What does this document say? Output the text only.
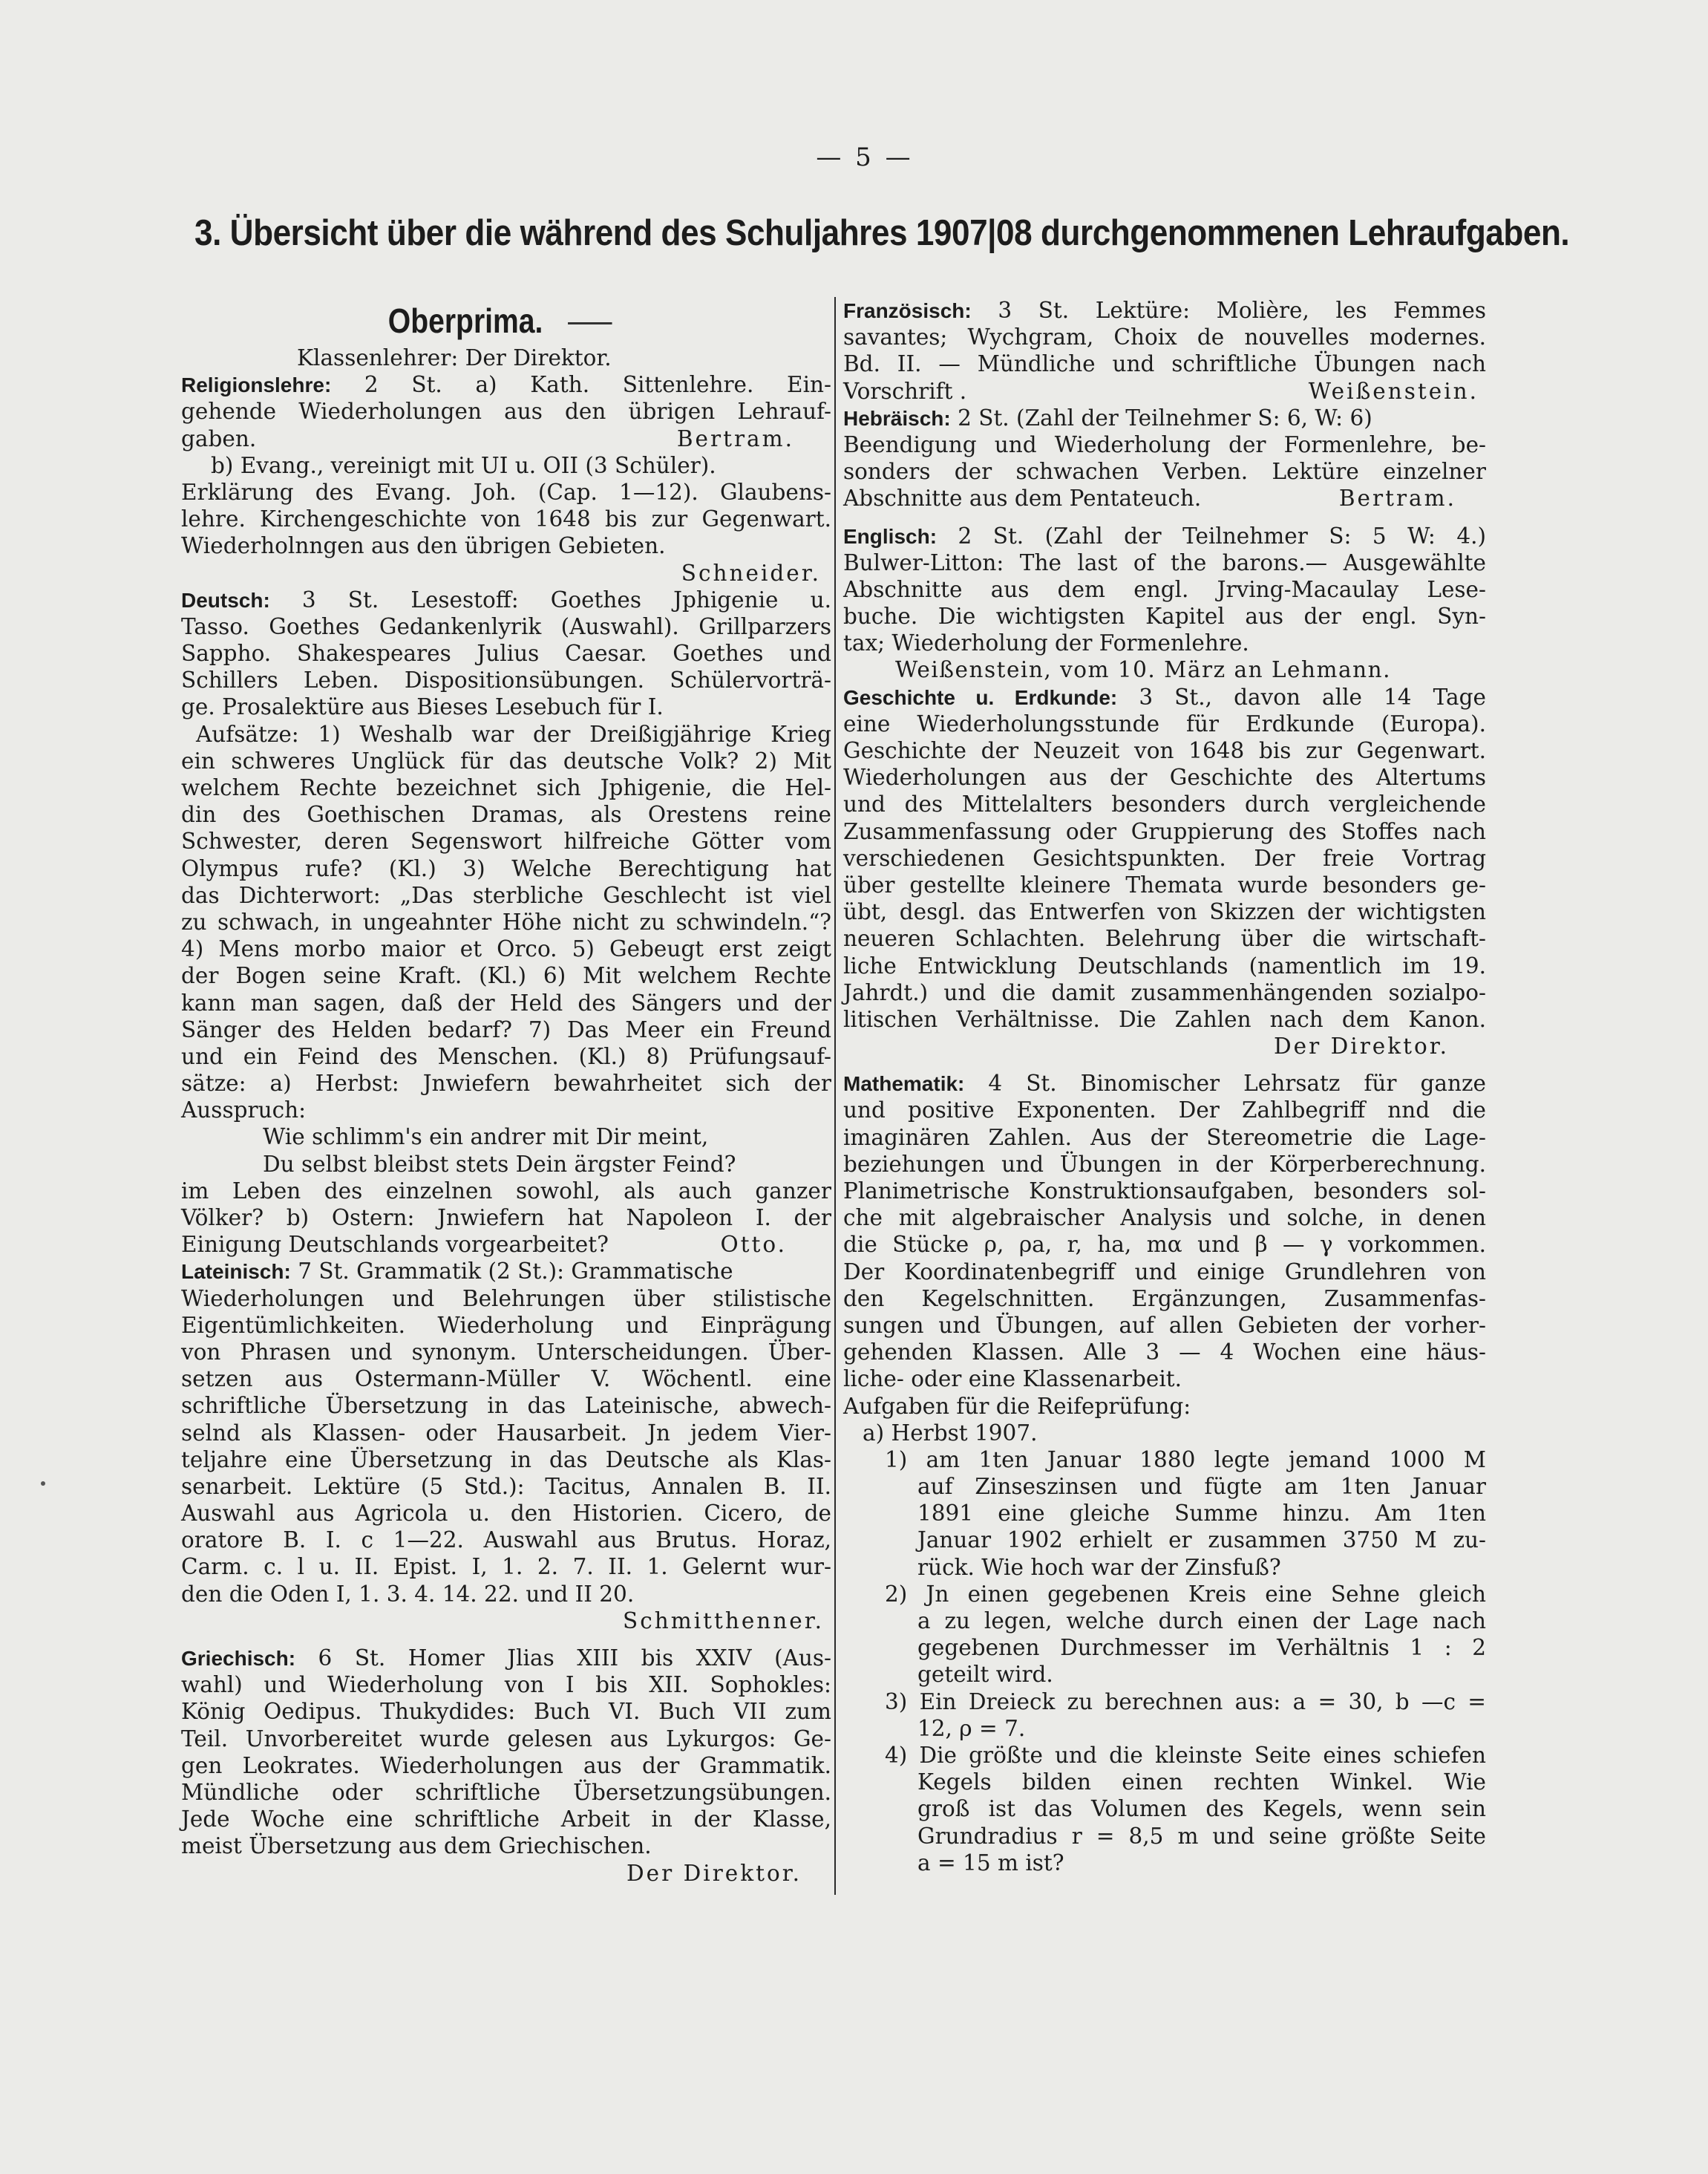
— 5 —
3. Übersicht über die während des Schuljahres 1907|08 durchgenommenen Lehraufgaben.
Oberprima.
Klassenlehrer: Der Direktor.
Religionslehre: 2 St. a) Kath. Sittenlehre. Ein-
gehende Wiederholungen aus den übrigen Lehrauf-
gaben.	Bertram.
b) Evang., vereinigt mit UI u. OII (3 Schüler).
Erklärung des Evang. Joh. (Cap. 1—12). Glaubens-
lehre. Kirchengeschichte von 1648 bis zur Gegenwart.
Wiederholnngen aus den übrigen Gebieten.
Schneider.
Deutsch: 3 St. Lesestoff: Goethes Jphigenie u.
Tasso. Goethes Gedankenlyrik (Auswahl). Grillparzers
Sappho. Shakespeares Julius Caesar. Goethes und
Schillers Leben. Dispositionsübungen. Schülervorträ-
ge. Prosalektüre aus Bieses Lesebuch für I.
Aufsätze: 1) Weshalb war der Dreißigjährige Krieg
ein schweres Unglück für das deutsche Volk? 2) Mit
welchem Rechte bezeichnet sich Jphigenie, die Hel-
din des Goethischen Dramas, als Orestens reine
Schwester, deren Segenswort hilfreiche Götter vom
Olympus rufe? (Kl.) 3) Welche Berechtigung hat
das Dichterwort: „Das sterbliche Geschlecht ist viel
zu schwach, in ungeahnter Höhe nicht zu schwindeln.“?
4) Mens morbo maior et Orco. 5) Gebeugt erst zeigt
der Bogen seine Kraft. (Kl.) 6) Mit welchem Rechte
kann man sagen, daß der Held des Sängers und der
Sänger des Helden bedarf? 7) Das Meer ein Freund
und ein Feind des Menschen. (Kl.) 8) Prüfungsauf-
sätze: a) Herbst: Jnwiefern bewahrheitet sich der
Ausspruch:
Wie schlimm's ein andrer mit Dir meint,
Du selbst bleibst stets Dein ärgster Feind?
im Leben des einzelnen sowohl, als auch ganzer
Völker? b) Ostern: Jnwiefern hat Napoleon I. der
Einigung Deutschlands vorgearbeitet?	Otto.
Lateinisch: 7 St. Grammatik (2 St.): Grammatische
Wiederholungen und Belehrungen über stilistische
Eigentümlichkeiten. Wiederholung und Einprägung
von Phrasen und synonym. Unterscheidungen. Über-
setzen aus Ostermann-Müller V. Wöchentl. eine
schriftliche Übersetzung in das Lateinische, abwech-
selnd als Klassen- oder Hausarbeit. Jn jedem Vier-
teljahre eine Übersetzung in das Deutsche als Klas-
senarbeit. Lektüre (5 Std.): Tacitus, Annalen B. II.
Auswahl aus Agricola u. den Historien. Cicero, de
oratore B. I. c 1—22. Auswahl aus Brutus. Horaz,
Carm. c. l u. II. Epist. I, 1. 2. 7. II. 1. Gelernt wur-
den die Oden I, 1. 3. 4. 14. 22. und II 20.
Schmitthenner.
Griechisch: 6 St. Homer Jlias XIII bis XXIV (Aus-
wahl) und Wiederholung von I bis XII. Sophokles:
König Oedipus. Thukydides: Buch VI. Buch VII zum
Teil. Unvorbereitet wurde gelesen aus Lykurgos: Ge-
gen Leokrates. Wiederholungen aus der Grammatik.
Mündliche oder schriftliche Übersetzungsübungen.
Jede Woche eine schriftliche Arbeit in der Klasse,
meist Übersetzung aus dem Griechischen.
Der Direktor.
Französisch: 3 St. Lektüre: Molière, les Femmes
savantes; Wychgram, Choix de nouvelles modernes.
Bd. II. — Mündliche und schriftliche Übungen nach
Vorschrift .	Weißenstein.
Hebräisch: 2 St. (Zahl der Teilnehmer S: 6, W: 6)
Beendigung und Wiederholung der Formenlehre, be-
sonders der schwachen Verben. Lektüre einzelner
Abschnitte aus dem Pentateuch.	Bertram.
Englisch: 2 St. (Zahl der Teilnehmer S: 5 W: 4.)
Bulwer-Litton: The last of the barons.— Ausgewählte
Abschnitte aus dem engl. Jrving-Macaulay Lese-
buche. Die wichtigsten Kapitel aus der engl. Syn-
tax; Wiederholung der Formenlehre.
Weißenstein, vom 10. März an Lehmann.
Geschichte u. Erdkunde: 3 St., davon alle 14 Tage
eine Wiederholungsstunde für Erdkunde (Europa).
Geschichte der Neuzeit von 1648 bis zur Gegenwart.
Wiederholungen aus der Geschichte des Altertums
und des Mittelalters besonders durch vergleichende
Zusammenfassung oder Gruppierung des Stoffes nach
verschiedenen Gesichtspunkten. Der freie Vortrag
über gestellte kleinere Themata wurde besonders ge-
übt, desgl. das Entwerfen von Skizzen der wichtigsten
neueren Schlachten. Belehrung über die wirtschaft-
liche Entwicklung Deutschlands (namentlich im 19.
Jahrdt.) und die damit zusammenhängenden sozialpo-
litischen Verhältnisse. Die Zahlen nach dem Kanon.
Der Direktor.
Mathematik: 4 St. Binomischer Lehrsatz für ganze
und positive Exponenten. Der Zahlbegriff nnd die
imaginären Zahlen. Aus der Stereometrie die Lage-
beziehungen und Übungen in der Körperberechnung.
Planimetrische Konstruktionsaufgaben, besonders sol-
che mit algebraischer Analysis und solche, in denen
die Stücke ρ, ρa, r, ha, mα und β — γ vorkommen.
Der Koordinatenbegriff und einige Grundlehren von
den Kegelschnitten. Ergänzungen, Zusammenfas-
sungen und Übungen, auf allen Gebieten der vorher-
gehenden Klassen. Alle 3 — 4 Wochen eine häus-
liche- oder eine Klassenarbeit.
Aufgaben für die Reifeprüfung:
a) Herbst 1907.
1) am 1ten Januar 1880 legte jemand 1000 M
auf Zinseszinsen und fügte am 1ten Januar
1891 eine gleiche Summe hinzu. Am 1ten
Januar 1902 erhielt er zusammen 3750 M zu-
rück. Wie hoch war der Zinsfuß?
2) Jn einen gegebenen Kreis eine Sehne gleich
a zu legen, welche durch einen der Lage nach
gegebenen Durchmesser im Verhältnis 1 : 2
geteilt wird.
3) Ein Dreieck zu berechnen aus: a = 30, b —c =
12, ρ = 7.
4) Die größte und die kleinste Seite eines schiefen
Kegels bilden einen rechten Winkel. Wie
groß ist das Volumen des Kegels, wenn sein
Grundradius r = 8,5 m und seine größte Seite
a = 15 m ist?
